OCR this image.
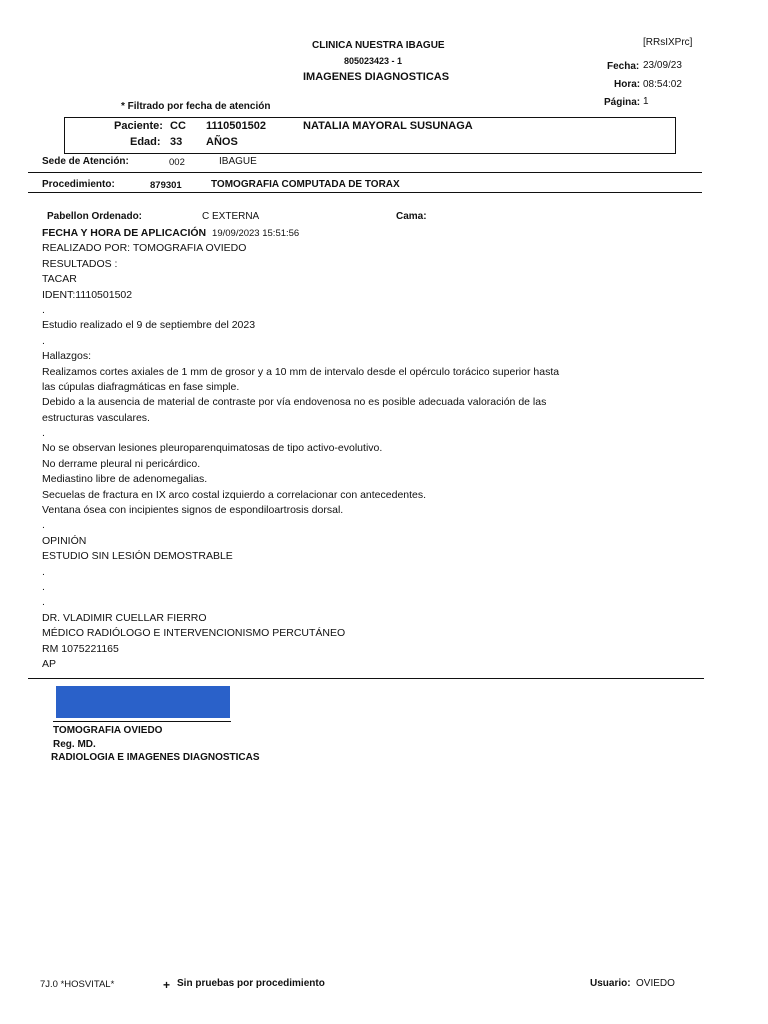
CLINICA NUESTRA IBAGUE
805023423 - 1
IMAGENES DIAGNOSTICAS
[RRsIXPrc]
Fecha: 23/09/23
Hora: 08:54:02
Página: 1
* Filtrado por fecha de atención
Paciente: CC 1110501502	NATALIA MAYORAL SUSUNAGA
Edad: 33 AÑOS
Sede de Atención:	002	IBAGUE
Procedimiento:	879301	TOMOGRAFIA COMPUTADA DE TORAX
Pabellon Ordenado:	C EXTERNA	Cama:
FECHA Y HORA DE APLICACIÓN 19/09/2023 15:51:56
REALIZADO POR: TOMOGRAFIA OVIEDO
RESULTADOS :
TACAR
IDENT:1110501502
.
Estudio realizado el 9 de septiembre del 2023
.
Hallazgos:
Realizamos cortes axiales de 1 mm de grosor y a 10 mm de intervalo desde el opérculo torácico superior hasta
las cúpulas diafragmáticas en fase simple.
Debido a la ausencia de material de contraste por vía endovenosa no es posible adecuada valoración de las
estructuras vasculares.
.
No se observan lesiones pleuroparenquimatosas de tipo activo-evolutivo.
No derrame pleural ni pericárdico.
Mediastino libre de adenomegalias.
Secuelas de fractura en IX arco costal izquierdo a correlacionar con antecedentes.
Ventana ósea con incipientes signos de espondiloartrosis dorsal.
.
OPINIÓN
ESTUDIO SIN LESIÓN DEMOSTRABLE
.
.
.
DR. VLADIMIR CUELLAR FIERRO
MÉDICO RADIÓLOGO E INTERVENCIONISMO PERCUTÁNEO
RM 1075221165
AP
TOMOGRAFIA OVIEDO
Reg. MD.
RADIOLOGIA E IMAGENES DIAGNOSTICAS
7J.0 *HOSVITAL*	+ Sin pruebas por procedimiento	Usuario: OVIEDO
